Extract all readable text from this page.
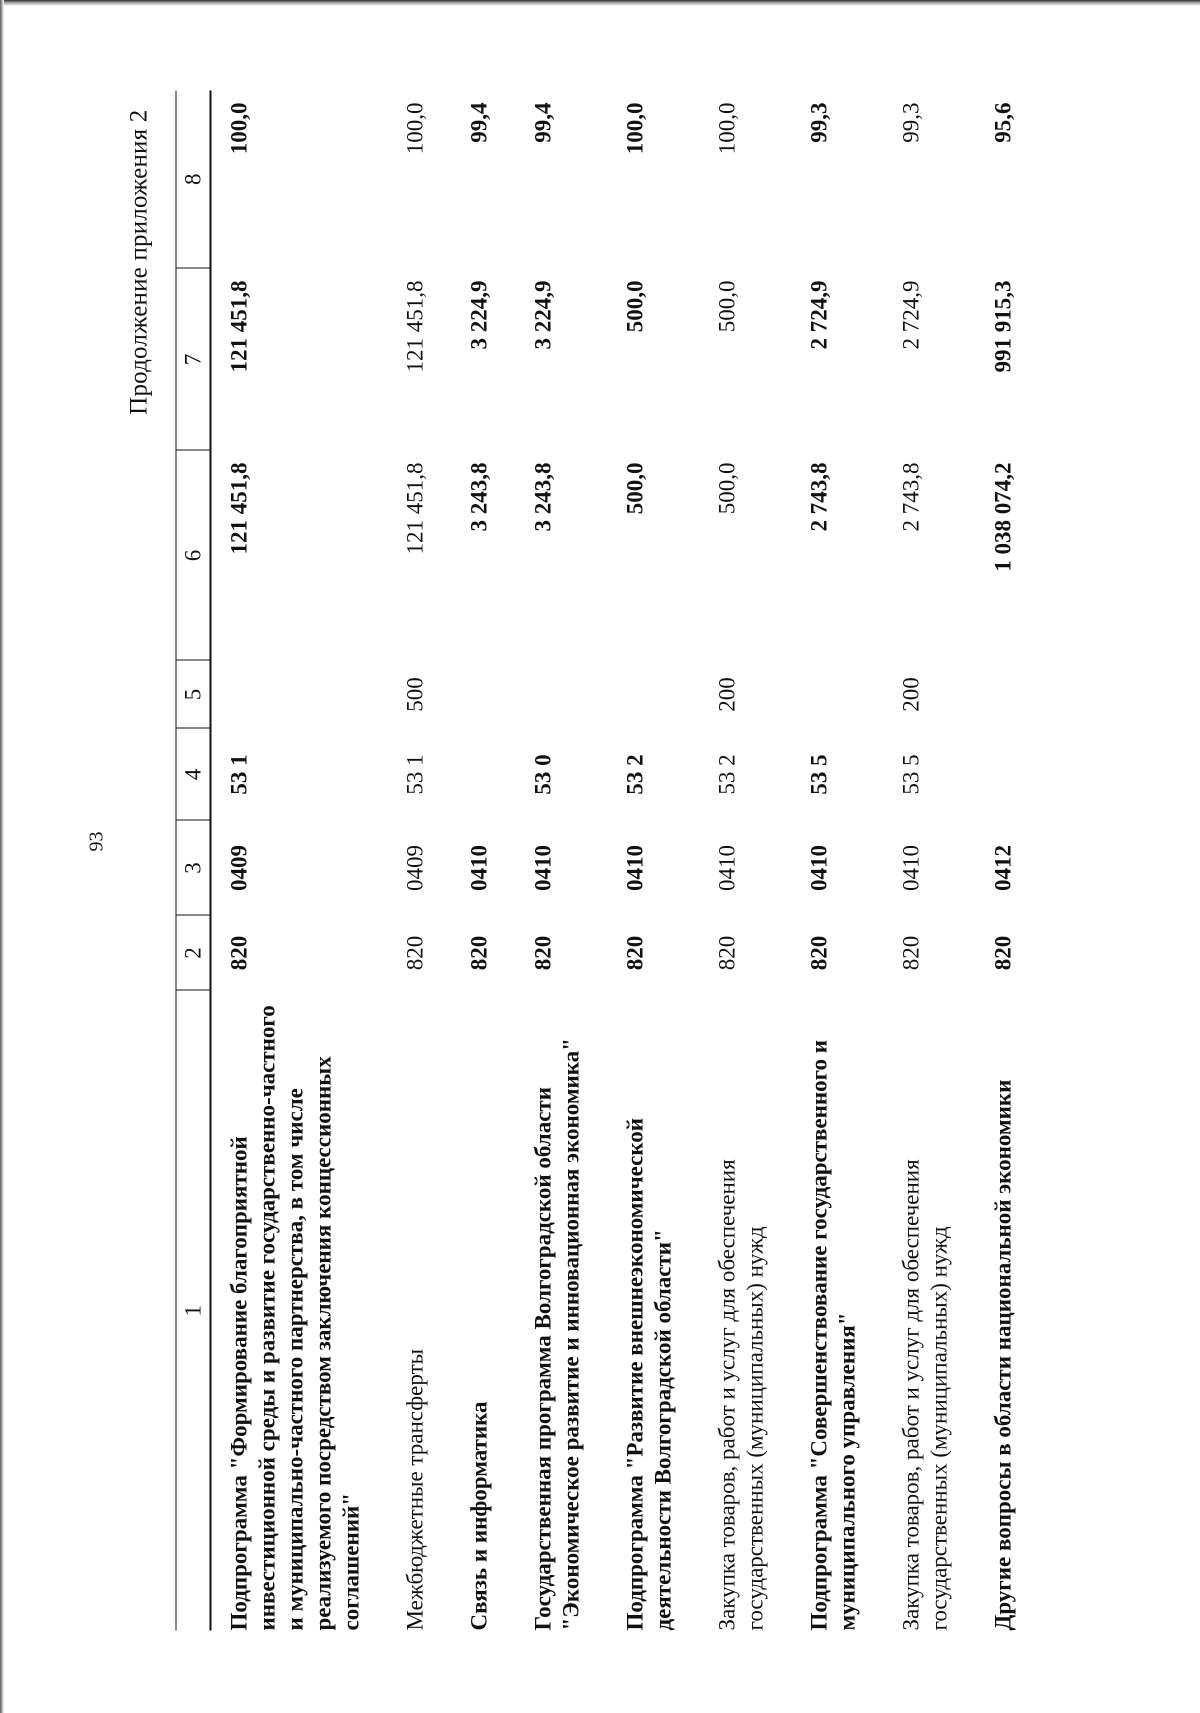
93
Продолжение приложения 2
1	2	3	4	5	6	7	8
Подпрограмма "Формирование благоприятной инвестиционной среды и развитие государственно-частного и муниципально-частного партнерства, в том числе реализуемого посредством заключения концессионных соглашений"	820	0409	53 1		121 451,8	121 451,8	100,0
Межбюджетные трансферты	820	0409	53 1	500	121 451,8	121 451,8	100,0
Связь и информатика	820	0410			3 243,8	3 224,9	99,4
Государственная программа Волгоградской области "Экономическое развитие и инновационная экономика"	820	0410	53 0		3 243,8	3 224,9	99,4
Подпрограмма "Развитие внешнеэкономической деятельности Волгоградской области"	820	0410	53 2		500,0	500,0	100,0
Закупка товаров, работ и услуг для обеспечения государственных (муниципальных) нужд	820	0410	53 2	200	500,0	500,0	100,0
Подпрограмма "Совершенствование государственного и муниципального управления"	820	0410	53 5		2 743,8	2 724,9	99,3
Закупка товаров, работ и услуг для обеспечения государственных (муниципальных) нужд	820	0410	53 5	200	2 743,8	2 724,9	99,3
Другие вопросы в области национальной экономики	820	0412			1 038 074,2	991 915,3	95,6
